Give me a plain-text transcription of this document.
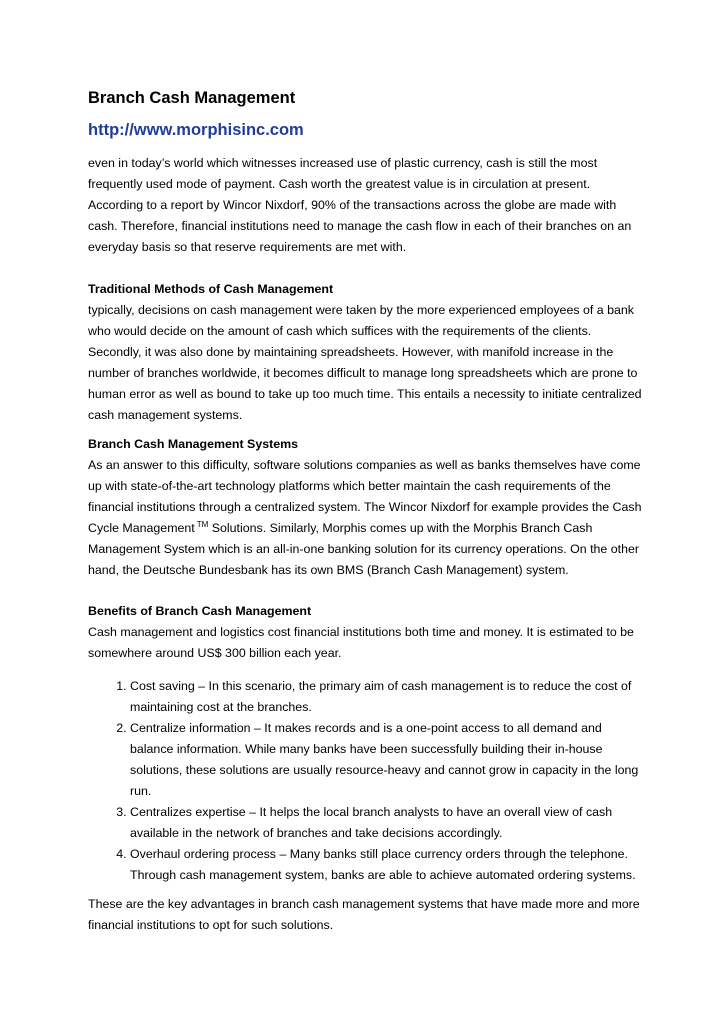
Branch Cash Management
http://www.morphisinc.com

even in today’s world which witnesses increased use of plastic currency, cash is still the most frequently used mode of payment. Cash worth the greatest value is in circulation at present. According to a report by Wincor Nixdorf, 90% of the transactions across the globe are made with cash. Therefore, financial institutions need to manage the cash flow in each of their branches on an everyday basis so that reserve requirements are met with.

Traditional Methods of Cash Management

typically, decisions on cash management were taken by the more experienced employees of a bank who would decide on the amount of cash which suffices with the requirements of the clients. Secondly, it was also done by maintaining spreadsheets. However, with manifold increase in the number of branches worldwide, it becomes difficult to manage long spreadsheets which are prone to human error as well as bound to take up too much time. This entails a necessity to initiate centralized cash management systems.

Branch Cash Management Systems

As an answer to this difficulty, software solutions companies as well as banks themselves have come up with state-of-the-art technology platforms which better maintain the cash requirements of the financial institutions through a centralized system. The Wincor Nixdorf for example provides the Cash Cycle Management ™ Solutions. Similarly, Morphis comes up with the Morphis Branch Cash Management System which is an all-in-one banking solution for its currency operations. On the other hand, the Deutsche Bundesbank has its own BMS (Branch Cash Management) system.

Benefits of Branch Cash Management

Cash management and logistics cost financial institutions both time and money. It is estimated to be somewhere around US$ 300 billion each year.

1. Cost saving – In this scenario, the primary aim of cash management is to reduce the cost of maintaining cost at the branches.
2. Centralize information – It makes records and is a one-point access to all demand and balance information. While many banks have been successfully building their in-house solutions, these solutions are usually resource-heavy and cannot grow in capacity in the long run.
3. Centralizes expertise – It helps the local branch analysts to have an overall view of cash available in the network of branches and take decisions accordingly.
4. Overhaul ordering process – Many banks still place currency orders through the telephone. Through cash management system, banks are able to achieve automated ordering systems.

These are the key advantages in branch cash management systems that have made more and more financial institutions to opt for such solutions.
